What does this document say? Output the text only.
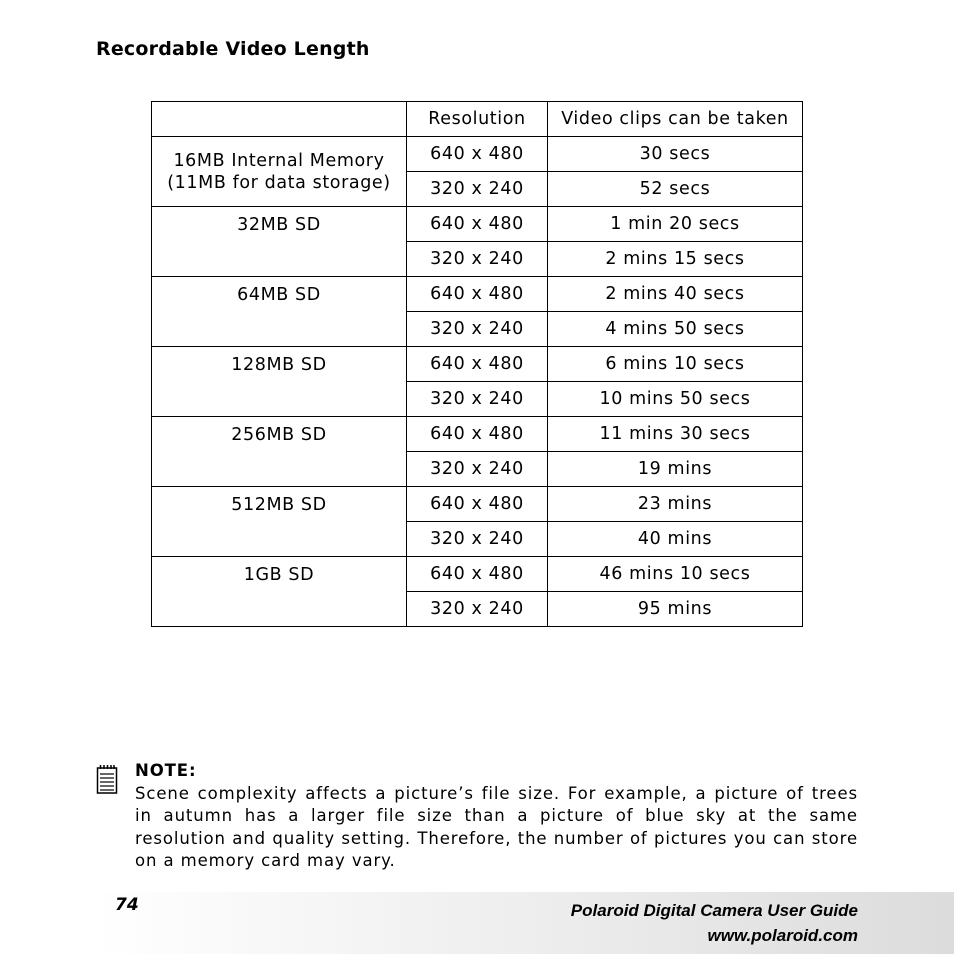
Recordable Video Length
	Resolution	Video clips can be taken
16MB Internal Memory
(11MB for data storage)	640 x 480	30 secs
	320 x 240	52 secs
32MB SD	640 x 480	1 min 20 secs
	320 x 240	2 mins 15 secs
64MB SD	640 x 480	2 mins 40 secs
	320 x 240	4 mins 50 secs
128MB SD	640 x 480	6 mins 10 secs
	320 x 240	10 mins 50 secs
256MB SD	640 x 480	11 mins 30 secs
	320 x 240	19 mins
512MB SD	640 x 480	23 mins
	320 x 240	40 mins
1GB SD	640 x 480	46 mins 10 secs
	320 x 240	95 mins
NOTE:
Scene complexity affects a picture’s file size. For example, a picture of trees in autumn has a larger file size than a picture of blue sky at the same resolution and quality setting. Therefore, the number of pictures you can store on a memory card may vary.
74	Polaroid Digital Camera User Guide
www.polaroid.com
